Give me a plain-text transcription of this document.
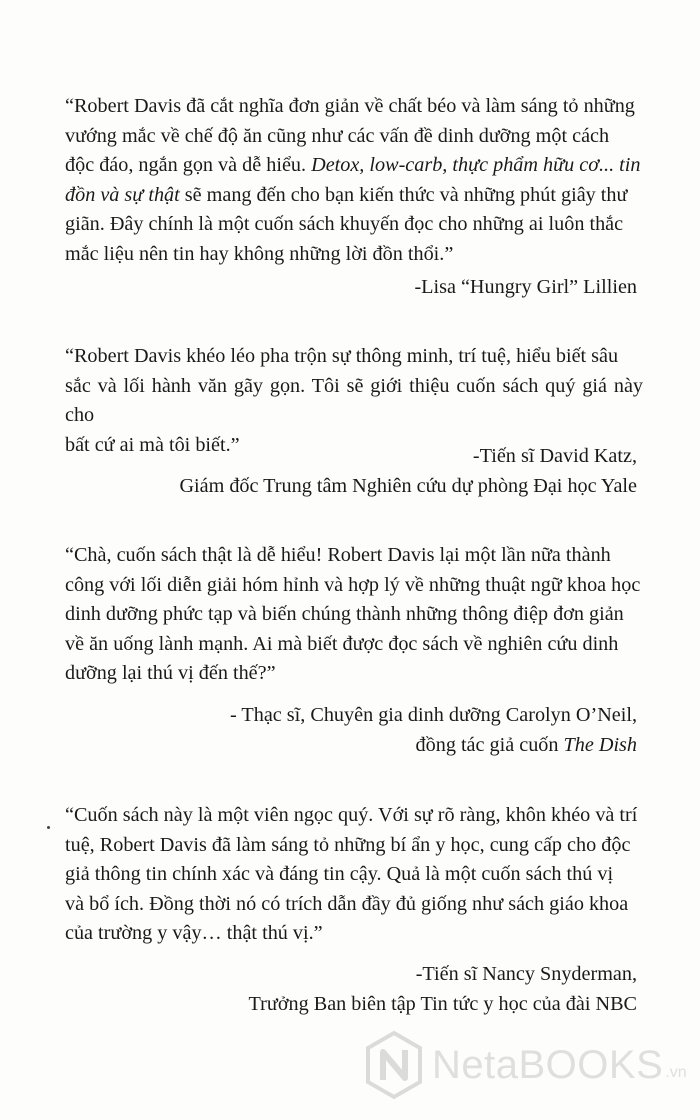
“Robert Davis đã cắt nghĩa đơn giản về chất béo và làm sáng tỏ những
vướng mắc về chế độ ăn cũng như các vấn đề dinh dưỡng một cách
độc đáo, ngắn gọn và dễ hiểu. Detox, low-carb, thực phẩm hữu cơ... tin
đồn và sự thật sẽ mang đến cho bạn kiến thức và những phút giây thư
giãn. Đây chính là một cuốn sách khuyến đọc cho những ai luôn thắc
mắc liệu nên tin hay không những lời đồn thổi.”
-Lisa “Hungry Girl” Lillien
“Robert Davis khéo léo pha trộn sự thông minh, trí tuệ, hiểu biết sâu
sắc và lối hành văn gãy gọn. Tôi sẽ giới thiệu cuốn sách quý giá này cho
bất cứ ai mà tôi biết.”
-Tiến sĩ David Katz,
Giám đốc Trung tâm Nghiên cứu dự phòng Đại học Yale
“Chà, cuốn sách thật là dễ hiểu! Robert Davis lại một lần nữa thành
công với lối diễn giải hóm hỉnh và hợp lý về những thuật ngữ khoa học
dinh dưỡng phức tạp và biến chúng thành những thông điệp đơn giản
về ăn uống lành mạnh. Ai mà biết được đọc sách về nghiên cứu dinh
dưỡng lại thú vị đến thế?”
- Thạc sĩ, Chuyên gia dinh dưỡng Carolyn O’Neil,
đồng tác giả cuốn The Dish
“Cuốn sách này là một viên ngọc quý. Với sự rõ ràng, khôn khéo và trí
tuệ, Robert Davis đã làm sáng tỏ những bí ẩn y học, cung cấp cho độc
giả thông tin chính xác và đáng tin cậy. Quả là một cuốn sách thú vị
và bổ ích. Đồng thời nó có trích dẫn đầy đủ giống như sách giáo khoa
của trường y vậy… thật thú vị.”
-Tiến sĩ Nancy Snyderman,
Trưởng Ban biên tập Tin tức y học của đài NBC
NetaBOOKS .vn
